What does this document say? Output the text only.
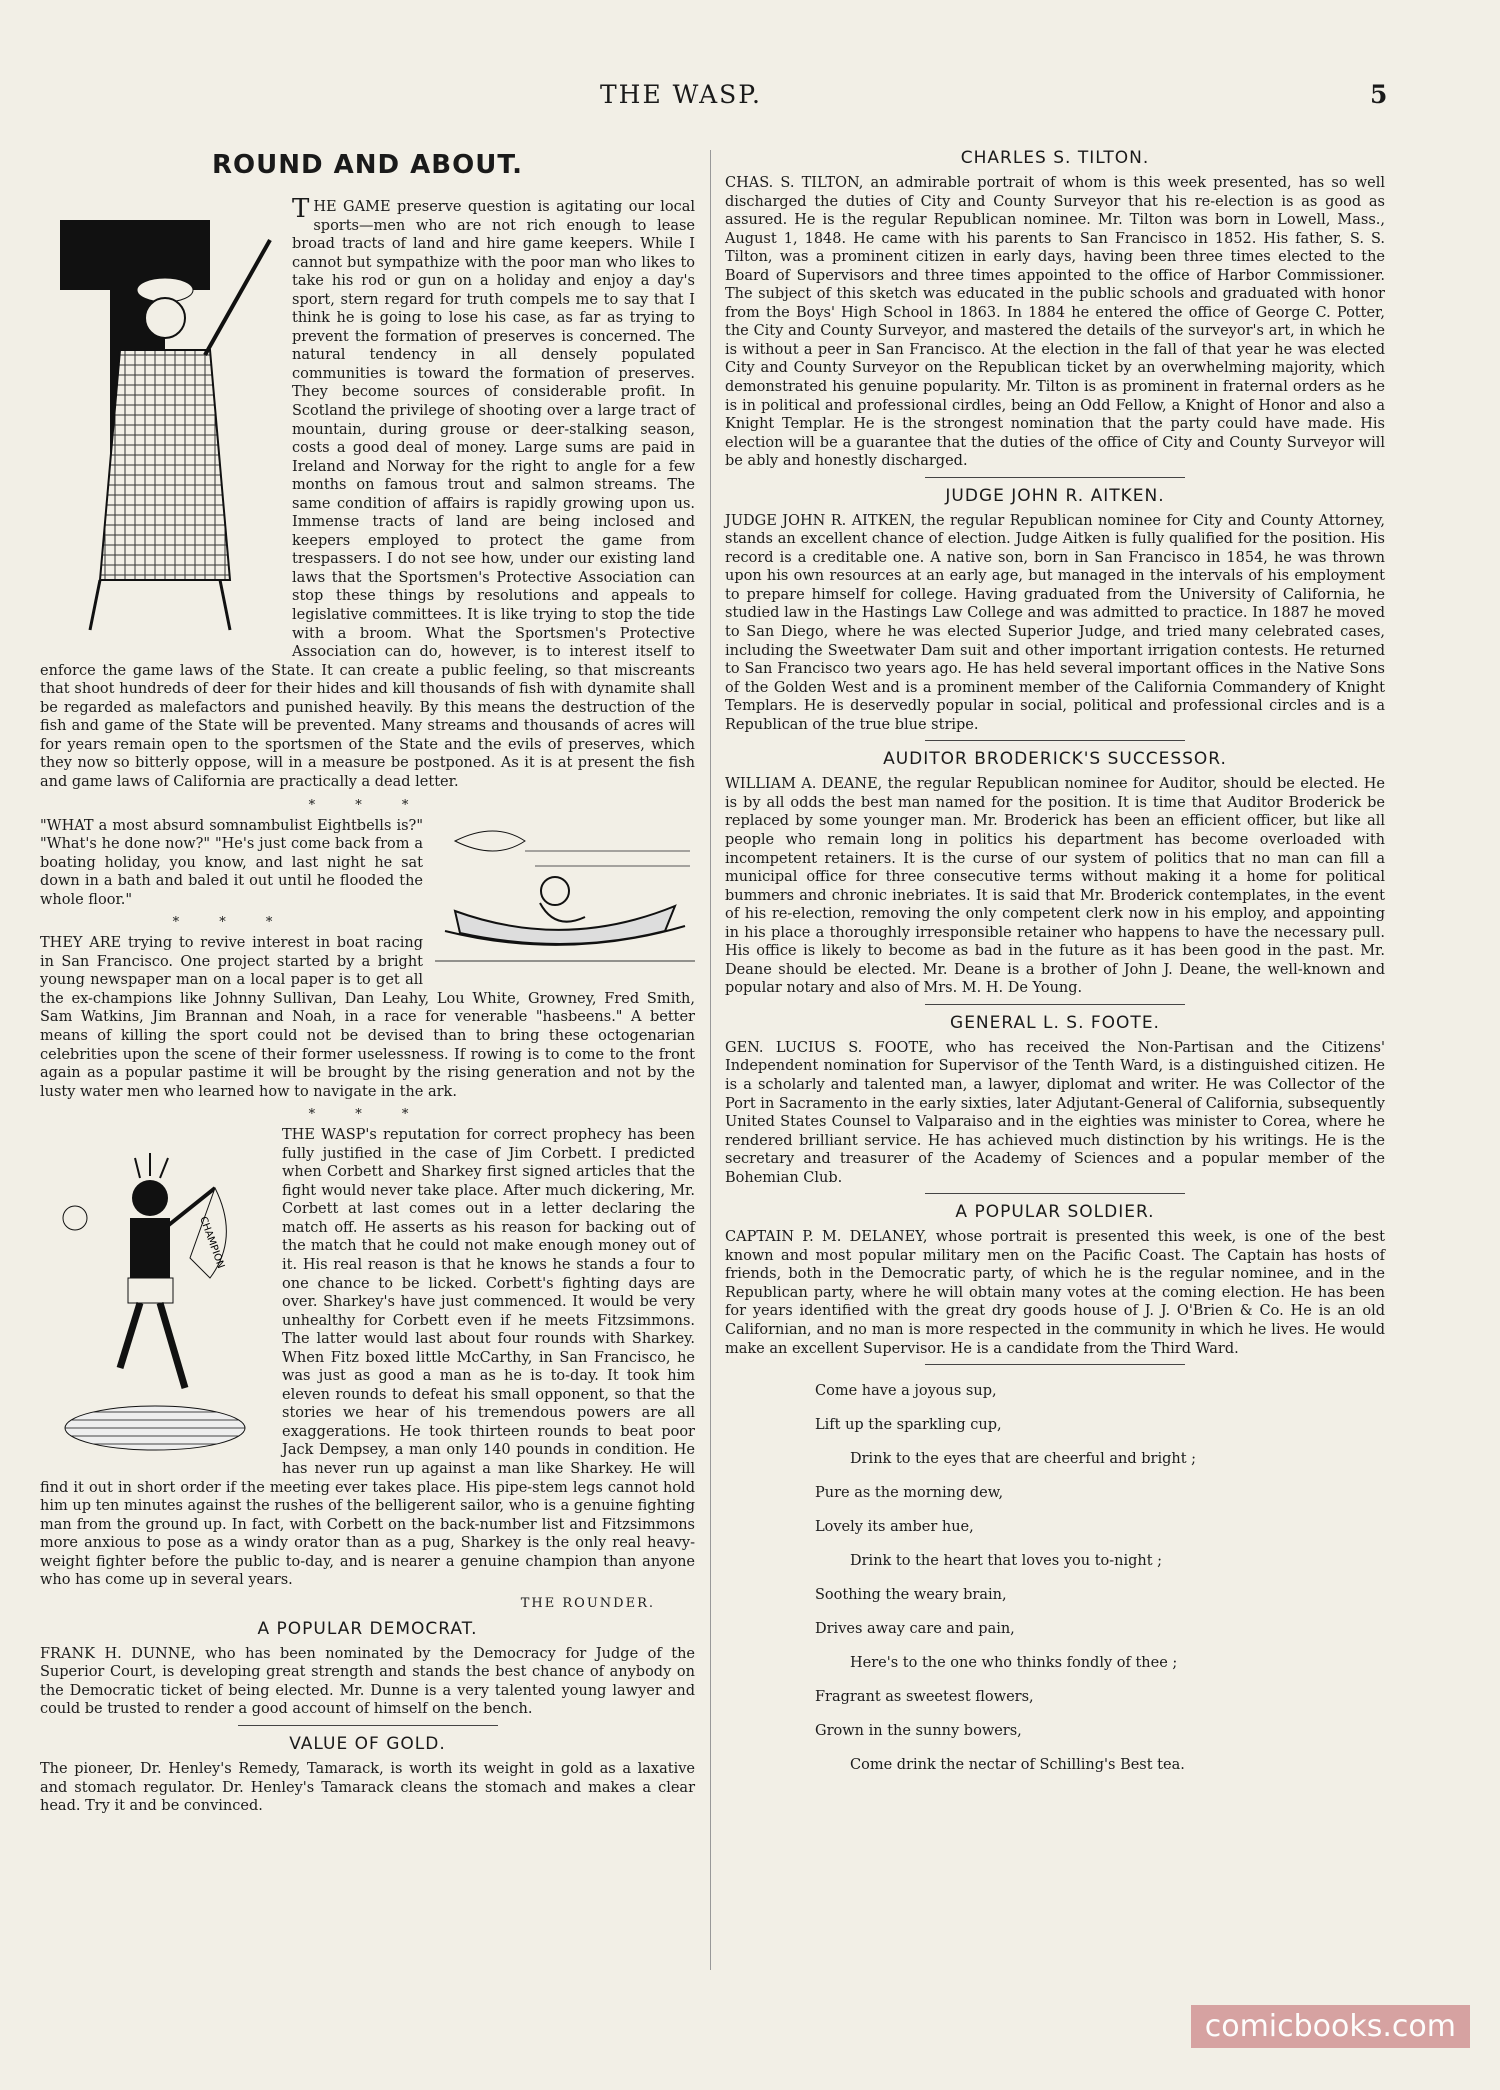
THE WASP.	5
ROUND AND ABOUT.

THE GAME preserve question is agitating our local sports—men who are not rich enough to lease broad tracts of land and hire game keepers. While I cannot but sympathize with the poor man who likes to take his rod or gun on a holiday and enjoy a day's sport, stern regard for truth compels me to say that I think he is going to lose his case, as far as trying to prevent the formation of preserves is concerned. The natural tendency in all densely populated communities is toward the formation of preserves. They become sources of considerable profit. In Scotland the privilege of shooting over a large tract of mountain, during grouse or deer-stalking season, costs a good deal of money. Large sums are paid in Ireland and Norway for the right to angle for a few months on famous trout and salmon streams. The same condition of affairs is rapidly growing upon us. Immense tracts of land are being inclosed and keepers employed to protect the game from trespassers. I do not see how, under our existing land laws that the Sportsmen's Protective Association can stop these things by resolutions and appeals to legislative committees. It is like trying to stop the tide with a broom. What the Sportsmen's Protective Association can do, however, is to interest itself to enforce the game laws of the State. It can create a public feeling, so that miscreants that shoot hundreds of deer for their hides and kill thousands of fish with dynamite shall be regarded as malefactors and punished heavily. By this means the destruction of the fish and game of the State will be prevented. Many streams and thousands of acres will for years remain open to the sportsmen of the State and the evils of preserves, which they now so bitterly oppose, will in a measure be postponed. As it is at present the fish and game laws of California are practically a dead letter.

* * *

"WHAT a most absurd somnambulist Eightbells is?" "What's he done now?" "He's just come back from a boating holiday, you know, and last night he sat down in a bath and baled it out until he flooded the whole floor."

* * *

THEY ARE trying to revive interest in boat racing in San Francisco. One project started by a bright young newspaper man on a local paper is to get all the ex-champions like Johnny Sullivan, Dan Leahy, Lou White, Growney, Fred Smith, Sam Watkins, Jim Brannan and Noah, in a race for venerable "hasbeens." A better means of killing the sport could not be devised than to bring these octogenarian celebrities upon the scene of their former uselessness. If rowing is to come to the front again as a popular pastime it will be brought by the rising generation and not by the lusty water men who learned how to navigate in the ark.

* * *
CHAMPION

THE WASP's reputation for correct prophecy has been fully justified in the case of Jim Corbett. I predicted when Corbett and Sharkey first signed articles that the fight would never take place. After much dickering, Mr. Corbett at last comes out in a letter declaring the match off. He asserts as his reason for backing out of the match that he could not make enough money out of it. His real reason is that he knows he stands a four to one chance to be licked. Corbett's fighting days are over. Sharkey's have just commenced. It would be very unhealthy for Corbett even if he meets Fitzsimmons. The latter would last about four rounds with Sharkey. When Fitz boxed little McCarthy, in San Francisco, he was just as good a man as he is to-day. It took him eleven rounds to defeat his small opponent, so that the stories we hear of his tremendous powers are all exaggerations. He took thirteen rounds to beat poor Jack Dempsey, a man only 140 pounds in condition. He has never run up against a man like Sharkey. He will find it out in short order if the meeting ever takes place. His pipe-stem legs cannot hold him up ten minutes against the rushes of the belligerent sailor, who is a genuine fighting man from the ground up. In fact, with Corbett on the back-number list and Fitzsimmons more anxious to pose as a windy orator than as a pug, Sharkey is the only real heavy-weight fighter before the public to-day, and is nearer a genuine champion than anyone who has come up in several years.

THE ROUNDER.
A POPULAR DEMOCRAT.

FRANK H. DUNNE, who has been nominated by the Democracy for Judge of the Superior Court, is developing great strength and stands the best chance of anybody on the Democratic ticket of being elected. Mr. Dunne is a very talented young lawyer and could be trusted to render a good account of himself on the bench.

VALUE OF GOLD.

The pioneer, Dr. Henley's Remedy, Tamarack, is worth its weight in gold as a laxative and stomach regulator. Dr. Henley's Tamarack cleans the stomach and makes a clear head. Try it and be convinced.

CHARLES S. TILTON.

CHAS. S. TILTON, an admirable portrait of whom is this week presented, has so well discharged the duties of City and County Surveyor that his re-election is as good as assured. He is the regular Republican nominee. Mr. Tilton was born in Lowell, Mass., August 1, 1848. He came with his parents to San Francisco in 1852. His father, S. S. Tilton, was a prominent citizen in early days, having been three times elected to the Board of Supervisors and three times appointed to the office of Harbor Commissioner. The subject of this sketch was educated in the public schools and graduated with honor from the Boys' High School in 1863. In 1884 he entered the office of George C. Potter, the City and County Surveyor, and mastered the details of the surveyor's art, in which he is without a peer in San Francisco. At the election in the fall of that year he was elected City and County Surveyor on the Republican ticket by an overwhelming majority, which demonstrated his genuine popularity. Mr. Tilton is as prominent in fraternal orders as he is in political and professional cirdles, being an Odd Fellow, a Knight of Honor and also a Knight Templar. He is the strongest nomination that the party could have made. His election will be a guarantee that the duties of the office of City and County Surveyor will be ably and honestly discharged.

JUDGE JOHN R. AITKEN.

JUDGE JOHN R. AITKEN, the regular Republican nominee for City and County Attorney, stands an excellent chance of election. Judge Aitken is fully qualified for the position. His record is a creditable one. A native son, born in San Francisco in 1854, he was thrown upon his own resources at an early age, but managed in the intervals of his employment to prepare himself for college. Having graduated from the University of California, he studied law in the Hastings Law College and was admitted to practice. In 1887 he moved to San Diego, where he was elected Superior Judge, and tried many celebrated cases, including the Sweetwater Dam suit and other important irrigation contests. He returned to San Francisco two years ago. He has held several important offices in the Native Sons of the Golden West and is a prominent member of the California Commandery of Knight Templars. He is deservedly popular in social, political and professional circles and is a Republican of the true blue stripe.

AUDITOR BRODERICK'S SUCCESSOR.

WILLIAM A. DEANE, the regular Republican nominee for Auditor, should be elected. He is by all odds the best man named for the position. It is time that Auditor Broderick be replaced by some younger man. Mr. Broderick has been an efficient officer, but like all people who remain long in politics his department has become overloaded with incompetent retainers. It is the curse of our system of politics that no man can fill a municipal office for three consecutive terms without making it a home for political bummers and chronic inebriates. It is said that Mr. Broderick contemplates, in the event of his re-election, removing the only competent clerk now in his employ, and appointing in his place a thoroughly irresponsible retainer who happens to have the necessary pull. His office is likely to become as bad in the future as it has been good in the past. Mr. Deane should be elected. Mr. Deane is a brother of John J. Deane, the well-known and popular notary and also of Mrs. M. H. De Young.

GENERAL L. S. FOOTE.

GEN. LUCIUS S. FOOTE, who has received the Non-Partisan and the Citizens' Independent nomination for Supervisor of the Tenth Ward, is a distinguished citizen. He is a scholarly and talented man, a lawyer, diplomat and writer. He was Collector of the Port in Sacramento in the early sixties, later Adjutant-General of California, subsequently United States Counsel to Valparaiso and in the eighties was minister to Corea, where he rendered brilliant service. He has achieved much distinction by his writings. He is the secretary and treasurer of the Academy of Sciences and a popular member of the Bohemian Club.

A POPULAR SOLDIER.

CAPTAIN P. M. DELANEY, whose portrait is presented this week, is one of the best known and most popular military men on the Pacific Coast. The Captain has hosts of friends, both in the Democratic party, of which he is the regular nominee, and in the Republican party, where he will obtain many votes at the coming election. He has been for years identified with the great dry goods house of J. J. O'Brien & Co. He is an old Californian, and no man is more respected in the community in which he lives. He would make an excellent Supervisor. He is a candidate from the Third Ward.

Come have a joyous sup,
Lift up the sparkling cup,
Drink to the eyes that are cheerful and bright ;
Pure as the morning dew,
Lovely its amber hue,
Drink to the heart that loves you to-night ;
Soothing the weary brain,
Drives away care and pain,
Here's to the one who thinks fondly of thee ;
Fragrant as sweetest flowers,
Grown in the sunny bowers,
Come drink the nectar of Schilling's Best tea.
comicbooks.com
